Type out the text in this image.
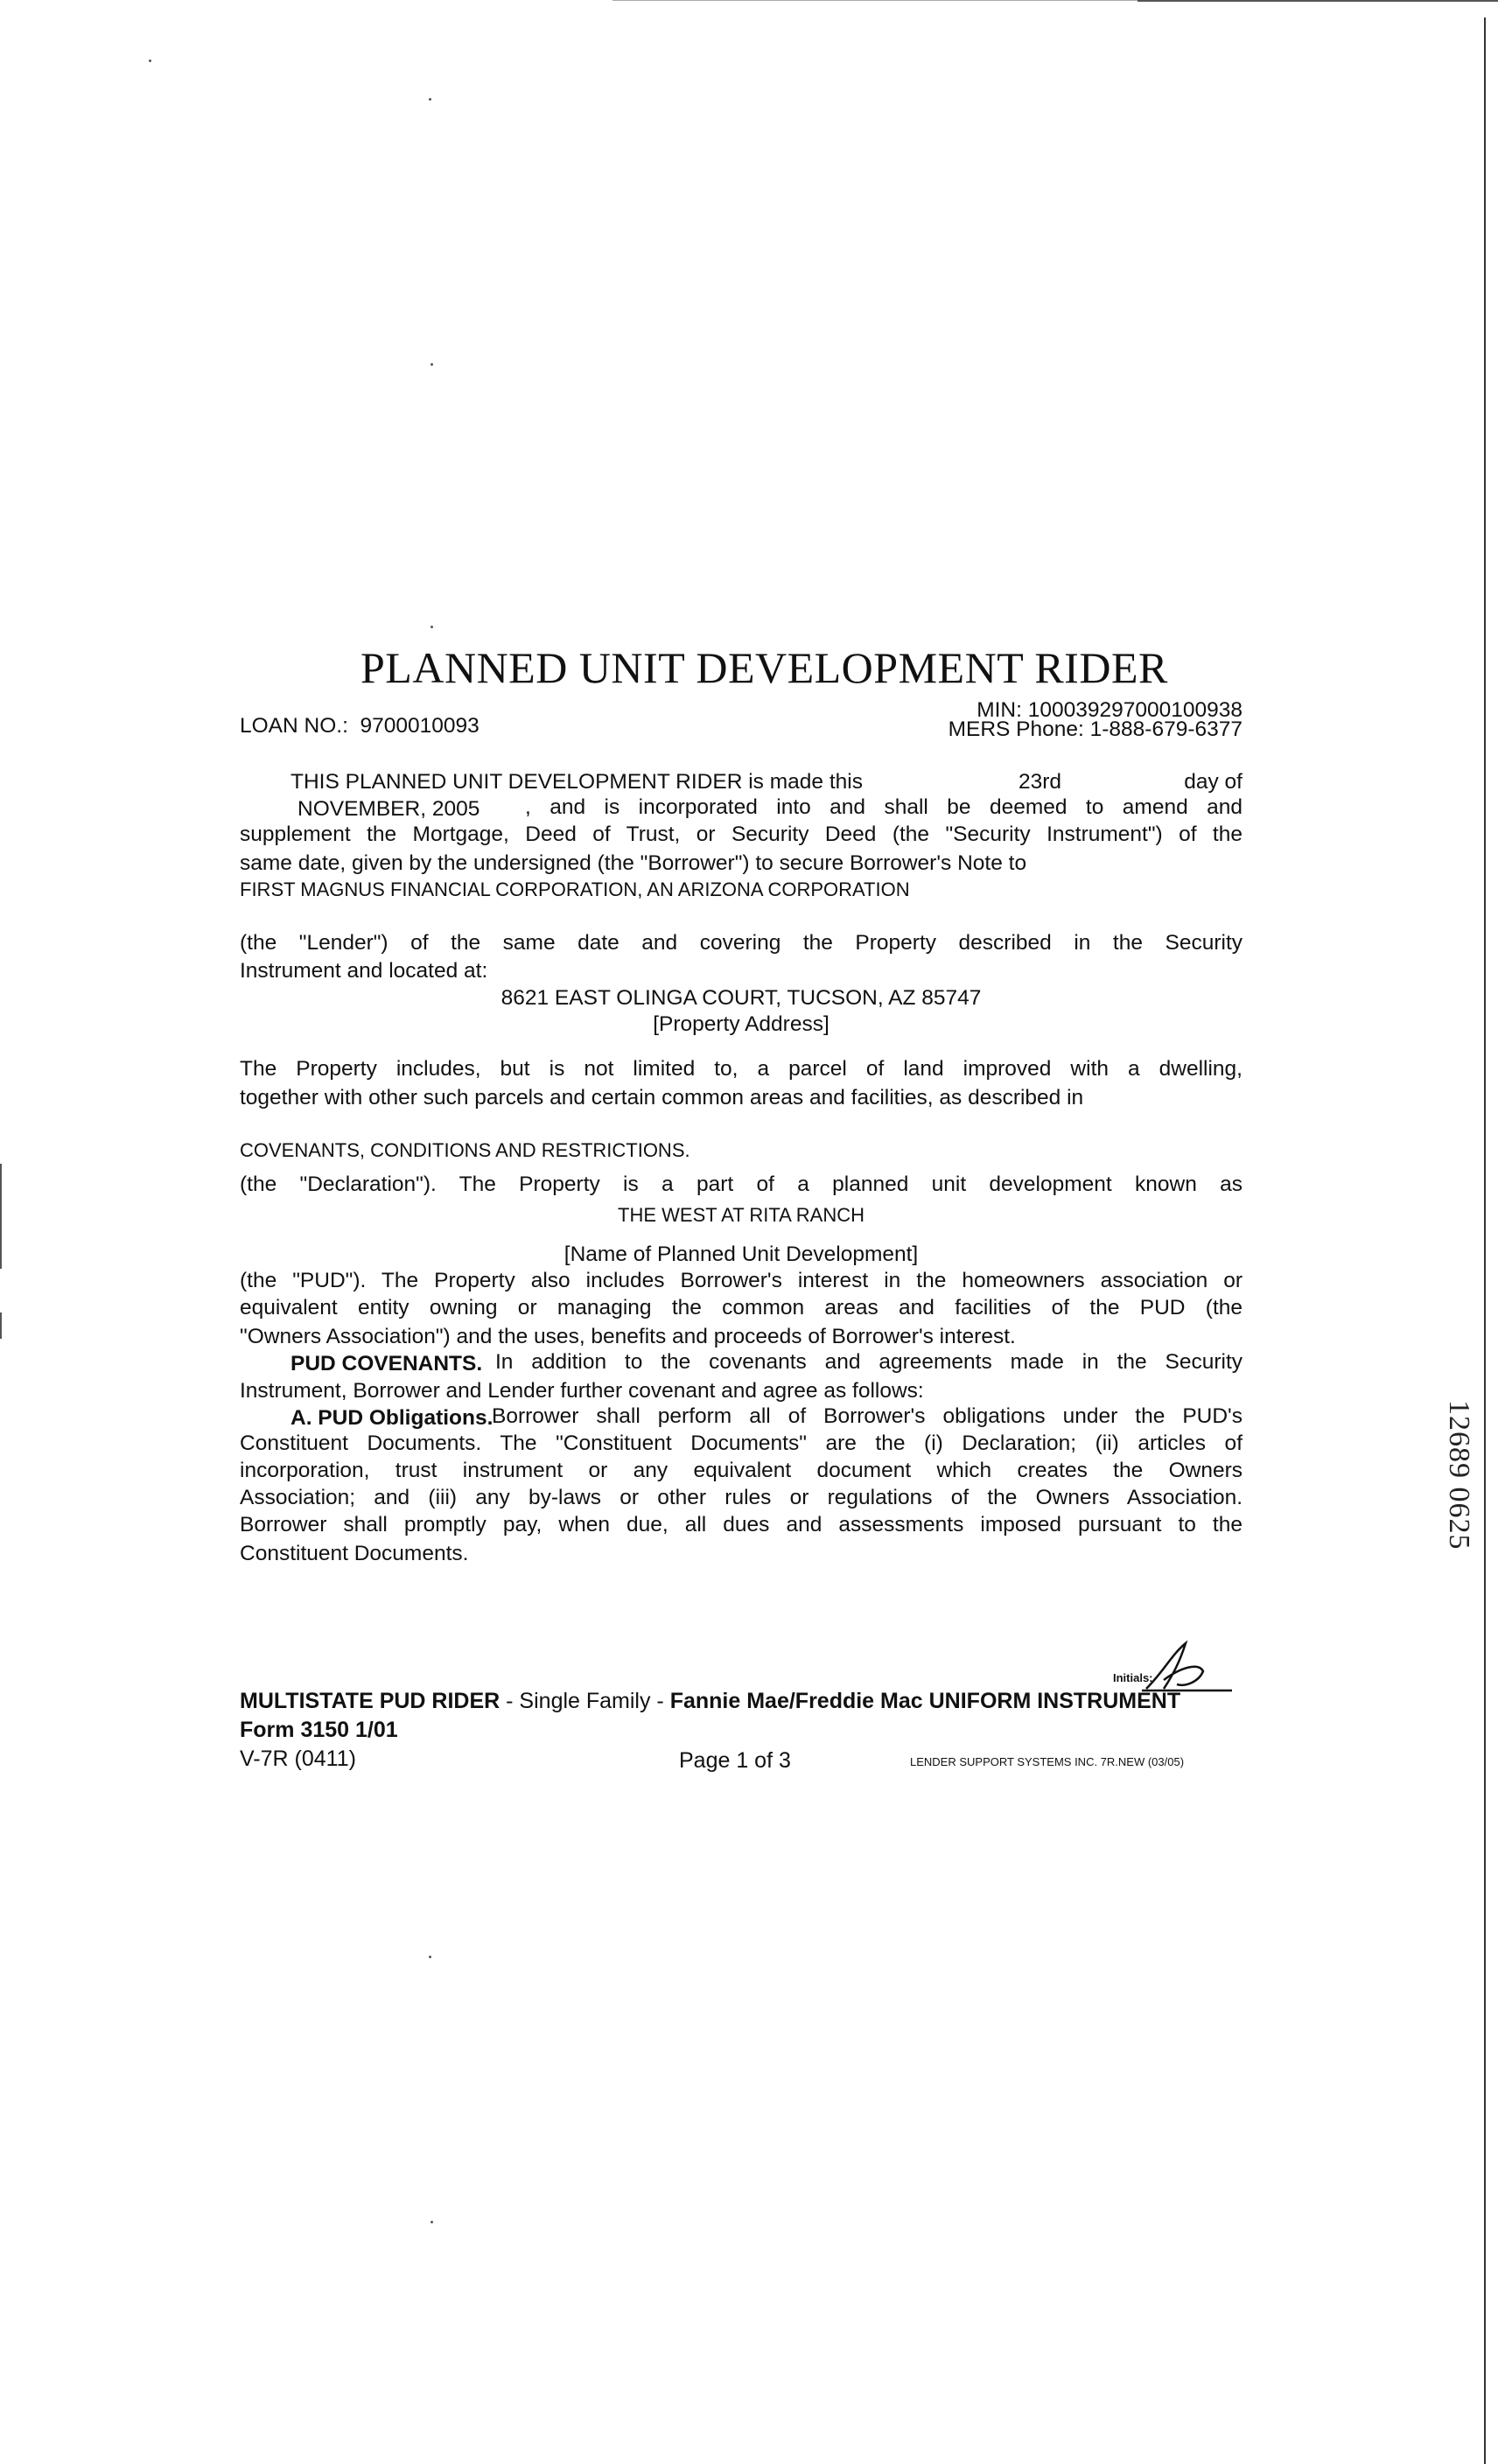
PLANNED UNIT DEVELOPMENT RIDER
LOAN NO.: 9700010093
MIN: 100039297000100938
MERS Phone: 1-888-679-6377
THIS PLANNED UNIT DEVELOPMENT RIDER is made this	23rd	day of
NOVEMBER, 2005 , and is incorporated into and shall be deemed to amend and
supplement the Mortgage, Deed of Trust, or Security Deed (the "Security Instrument") of the
same date, given by the undersigned (the "Borrower") to secure Borrower's Note to
FIRST MAGNUS FINANCIAL CORPORATION, AN ARIZONA CORPORATION
(the "Lender") of the same date and covering the Property described in the Security
Instrument and located at:
8621 EAST OLINGA COURT, TUCSON, AZ 85747
[Property Address]
The Property includes, but is not limited to, a parcel of land improved with a dwelling,
together with other such parcels and certain common areas and facilities, as described in
COVENANTS, CONDITIONS AND RESTRICTIONS.
(the "Declaration"). The Property is a part of a planned unit development known as
THE WEST AT RITA RANCH
[Name of Planned Unit Development]
(the "PUD"). The Property also includes Borrower's interest in the homeowners association or
equivalent entity owning or managing the common areas and facilities of the PUD (the
"Owners Association") and the uses, benefits and proceeds of Borrower's interest.
PUD COVENANTS. In addition to the covenants and agreements made in the Security
Instrument, Borrower and Lender further covenant and agree as follows:
A. PUD Obligations.
Borrower shall perform all of Borrower's obligations under the PUD's
Constituent Documents. The "Constituent Documents" are the (i) Declaration; (ii) articles of
incorporation, trust instrument or any equivalent document which creates the Owners
Association; and (iii) any by-laws or other rules or regulations of the Owners Association.
Borrower shall promptly pay, when due, all dues and assessments imposed pursuant to the
Constituent Documents.
12689 0625
Initials:
MULTISTATE PUD RIDER - Single Family - Fannie Mae/Freddie Mac UNIFORM INSTRUMENT
Form 3150 1/01
V-7R (0411)	Page 1 of 3	LENDER SUPPORT SYSTEMS INC. 7R.NEW (03/05)
